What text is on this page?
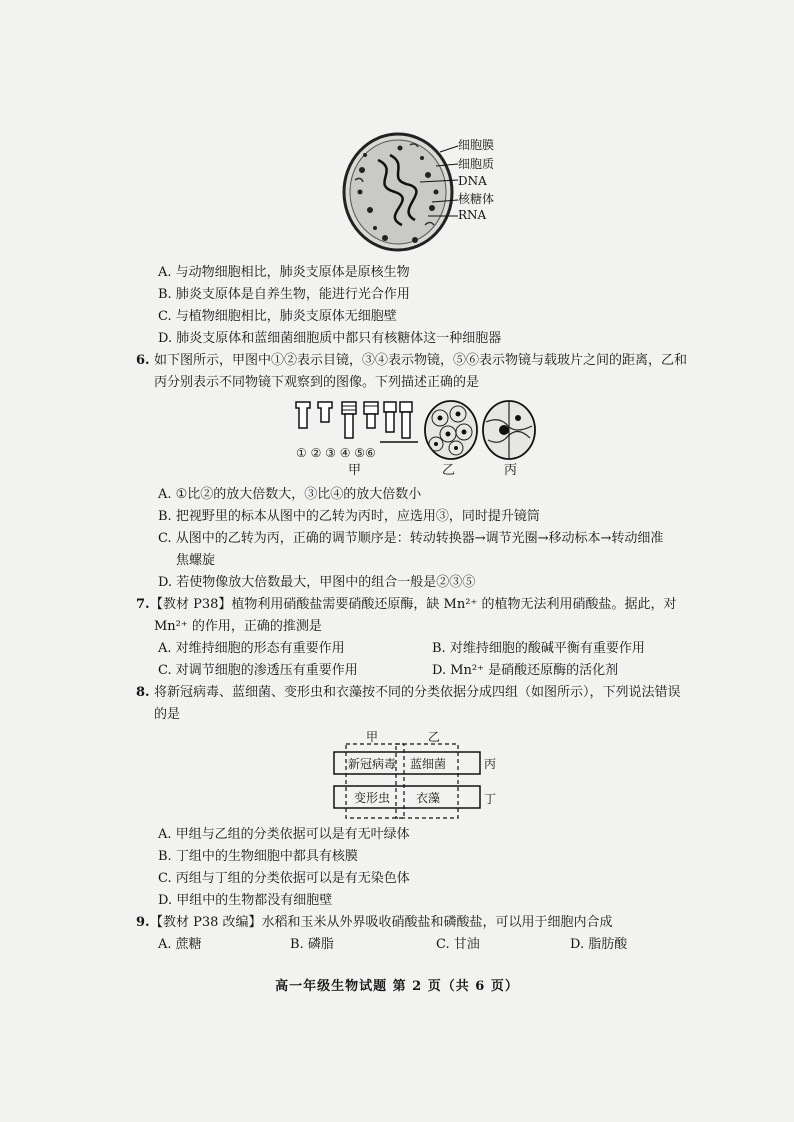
细胞膜
细胞质
DNA
核糖体
RNA
A. 与动物细胞相比，肺炎支原体是原核生物
B. 肺炎支原体是自养生物，能进行光合作用
C. 与植物细胞相比，肺炎支原体无细胞壁
D. 肺炎支原体和蓝细菌细胞质中都只有核糖体这一种细胞器
6. 如下图所示，甲图中①②表示目镜，③④表示物镜，⑤⑥表示物镜与载玻片之间的距离，乙和
丙分别表示不同物镜下观察到的图像。下列描述正确的是
① ② ③ ④ ⑤⑥
甲	乙	丙
A. ①比②的放大倍数大，③比④的放大倍数小
B. 把视野里的标本从图中的乙转为丙时，应选用③，同时提升镜筒
C. 从图中的乙转为丙，正确的调节顺序是：转动转换器→调节光圈→移动标本→转动细准
焦螺旋
D. 若使物像放大倍数最大，甲图中的组合一般是②③⑤
7. 【教材 P38】植物利用硝酸盐需要硝酸还原酶，缺 Mn²⁺ 的植物无法利用硝酸盐。据此，对
Mn²⁺ 的作用，正确的推测是
A. 对维持细胞的形态有重要作用	B. 对维持细胞的酸碱平衡有重要作用
C. 对调节细胞的渗透压有重要作用	D. Mn²⁺ 是硝酸还原酶的活化剂
8. 将新冠病毒、蓝细菌、变形虫和衣藻按不同的分类依据分成四组（如图所示），下列说法错误
的是
甲	乙
丙
丁
新冠病毒 蓝细菌
变形虫 衣藻
A. 甲组与乙组的分类依据可以是有无叶绿体
B. 丁组中的生物细胞中都具有核膜
C. 丙组与丁组的分类依据可以是有无染色体
D. 甲组中的生物都没有细胞壁
9. 【教材 P38 改编】水稻和玉米从外界吸收硝酸盐和磷酸盐，可以用于细胞内合成
A. 蔗糖	B. 磷脂	C. 甘油	D. 脂肪酸
高一年级生物试题 第 2 页（共 6 页）
